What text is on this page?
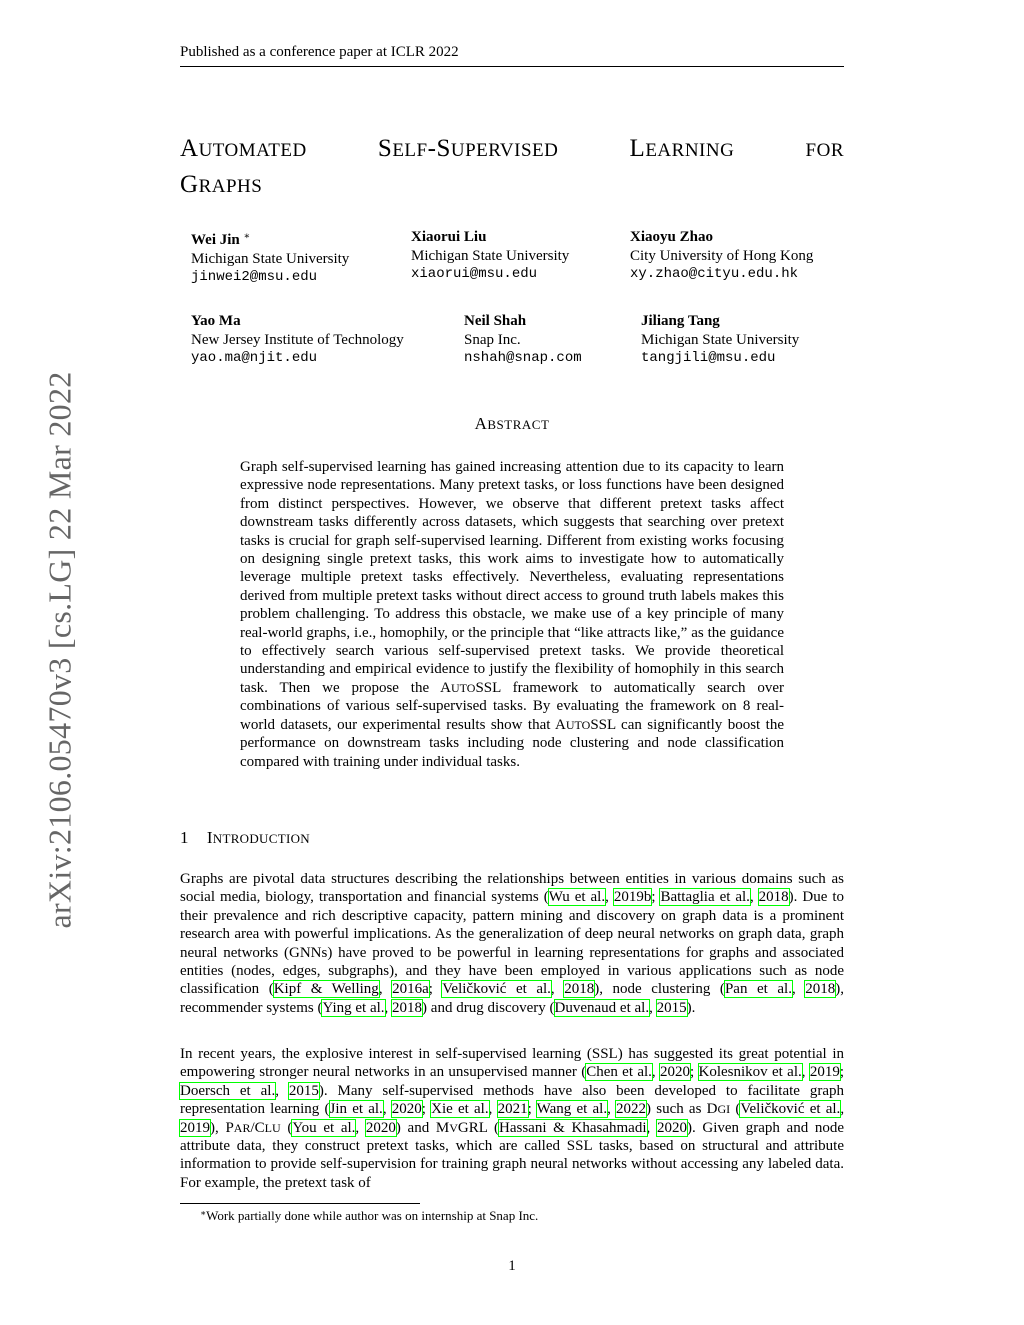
Published as a conference paper at ICLR 2022
AUTOMATED	SELF-SUPERVISED	LEARNING	FOR
GRAPHS
Wei Jin ∗
Michigan State University
jinwei2@msu.edu
Xiaorui Liu
Michigan State University
xiaorui@msu.edu
Xiaoyu Zhao
City University of Hong Kong
xy.zhao@cityu.edu.hk
Yao Ma
New Jersey Institute of Technology
yao.ma@njit.edu
Neil Shah
Snap Inc.
nshah@snap.com
Jiliang Tang
Michigan State University
tangjili@msu.edu
arXiv:2106.05470v3 [cs.LG] 22 Mar 2022	ABSTRACT
Graph self-supervised learning has gained increasing attention due to its capacity to learn expressive node representations. Many pretext tasks, or loss functions have been designed from distinct perspectives. However, we observe that different pretext tasks affect downstream tasks differently across datasets, which suggests that searching over pretext tasks is crucial for graph self-supervised learning. Different from existing works focusing on designing single pretext tasks, this work aims to investigate how to automatically leverage multiple pretext tasks effectively. Nevertheless, evaluating representations derived from multiple pretext tasks without direct access to ground truth labels makes this problem challenging. To address this obstacle, we make use of a key principle of many real-world graphs, i.e., homophily, or the principle that “like attracts like,” as the guidance to effectively search various self-supervised pretext tasks. We provide theoretical understanding and empirical evidence to justify the flexibility of homophily in this search task. Then we propose the AUTOSSL framework to automatically search over combinations of various self-supervised tasks. By evaluating the framework on 8 real-world datasets, our experimental results show that AUTOSSL can significantly boost the performance on downstream tasks including node clustering and node classification compared with training under individual tasks.
1 INTRODUCTION
Graphs are pivotal data structures describing the relationships between entities in various domains such as social media, biology, transportation and financial systems (Wu et al., 2019b; Battaglia et al., 2018). Due to their prevalence and rich descriptive capacity, pattern mining and discovery on graph data is a prominent research area with powerful implications. As the generalization of deep neural networks on graph data, graph neural networks (GNNs) have proved to be powerful in learning representations for graphs and associated entities (nodes, edges, subgraphs), and they have been employed in various applications such as node classification (Kipf & Welling, 2016a; Veličković et al., 2018), node clustering (Pan et al., 2018), recommender systems (Ying et al., 2018) and drug discovery (Duvenaud et al., 2015).
In recent years, the explosive interest in self-supervised learning (SSL) has suggested its great potential in empowering stronger neural networks in an unsupervised manner (Chen et al., 2020; Kolesnikov et al., 2019; Doersch et al., 2015). Many self-supervised methods have also been developed to facilitate graph representation learning (Jin et al., 2020; Xie et al., 2021; Wang et al., 2022) such as DGI (Veličković et al., 2019), PAR/CLU (You et al., 2020) and MVGRL (Hassani & Khasahmadi, 2020). Given graph and node attribute data, they construct pretext tasks, which are called SSL tasks, based on structural and attribute information to provide self-supervision for training graph neural networks without accessing any labeled data. For example, the pretext task of
∗Work partially done while author was on internship at Snap Inc.
1
